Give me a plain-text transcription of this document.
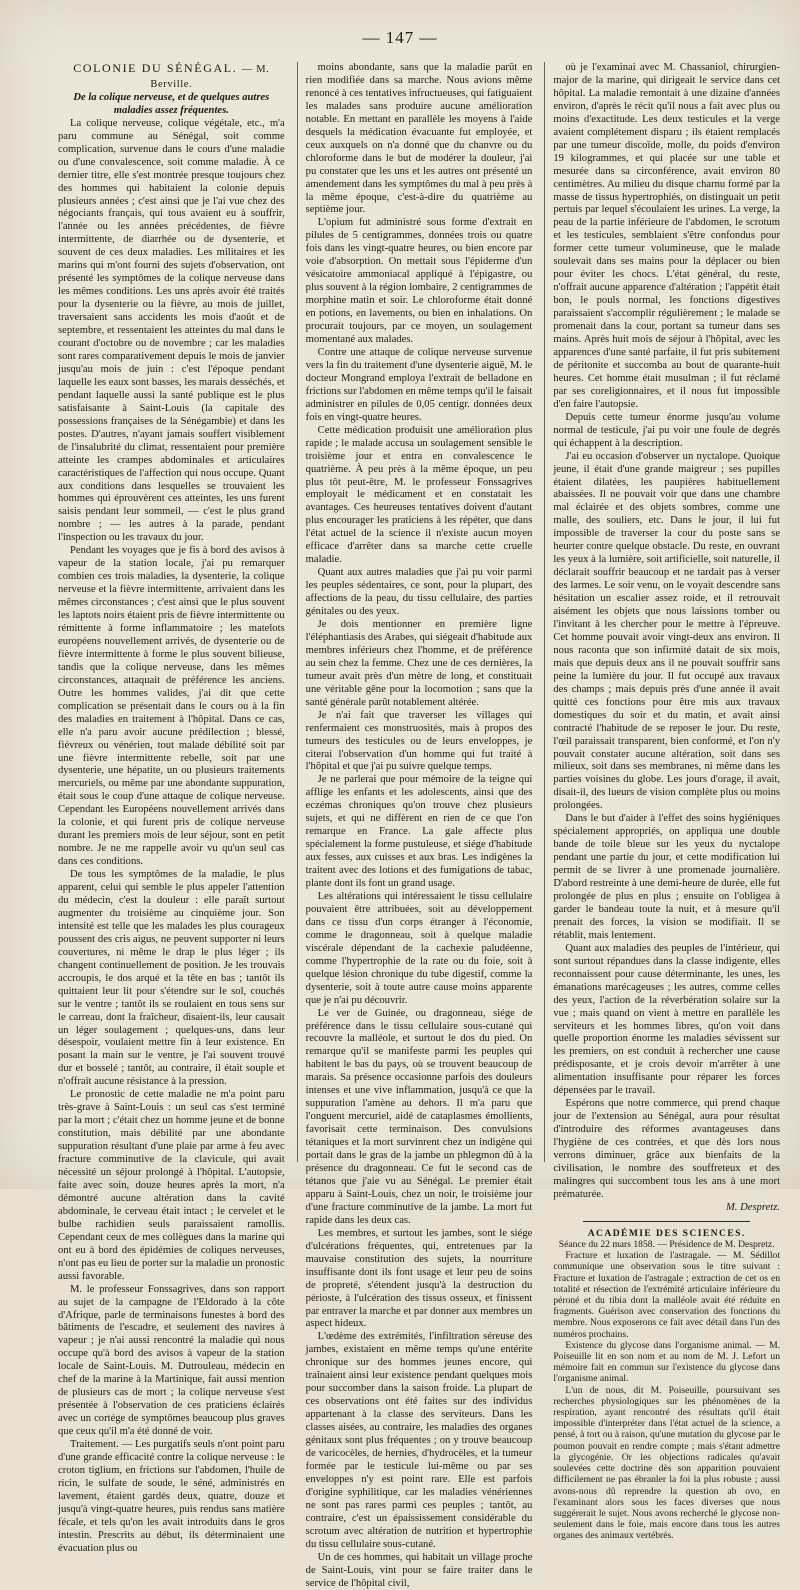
— 147 —

COLONIE DU SÉNÉGAL. — M. Berville.

De la colique nerveuse, et de quelques autres maladies assez fréquentes.

La colique nerveuse, colique végétale, etc., m'a paru commune au Sénégal, soit comme complication, survenue dans le cours d'une maladie ou d'une convalescence, soit comme maladie. À ce dernier titre, elle s'est montrée presque toujours chez des hommes qui habitaient la colonie depuis plusieurs années ; c'est ainsi que je l'ai vue chez des négociants français, qui tous avaient eu à souffrir, l'année ou les années précédentes, de fièvre intermittente, de diarrhée ou de dysenterie, et souvent de ces deux maladies. Les militaires et les marins qui m'ont fourni des sujets d'observation, ont présenté les symptômes de la colique nerveuse dans les mêmes conditions. Les uns après avoir été traités pour la dysenterie ou la fièvre, au mois de juillet, traversaient sans accidents les mois d'août et de septembre, et ressentaient les atteintes du mal dans le courant d'octobre ou de novembre ; car les maladies sont rares comparativement depuis le mois de janvier jusqu'au mois de juin : c'est l'époque pendant laquelle les eaux sont basses, les marais desséchés, et pendant laquelle aussi la santé publique est le plus satisfaisante à Saint-Louis (la capitale des possessions françaises de la Sénégambie) et dans les postes. D'autres, n'ayant jamais souffert visiblement de l'insalubrité du climat, ressentaient pour première atteinte les crampes abdominales et articulaires caractéristiques de l'affection qui nous occupe. Quant aux conditions dans lesquelles se trouvaient les hommes qui éprouvèrent ces atteintes, les uns furent saisis pendant leur sommeil, — c'est le plus grand nombre ; — les autres à la parade, pendant l'inspection ou les travaux du jour.

Pendant les voyages que je fis à bord des avisos à vapeur de la station locale, j'ai pu remarquer combien ces trois maladies, la dysenterie, la colique nerveuse et la fièvre intermittente, arrivaient dans les mêmes circonstances ; c'est ainsi que le plus souvent les laptots noirs étaient pris de fièvre intermittente ou rémittente à forme inflammatoire ; les matelots européens nouvellement arrivés, de dysenterie ou de fièvre intermittente à forme le plus souvent bilieuse, tandis que la colique nerveuse, dans les mêmes circonstances, attaquait de préférence les anciens. Outre les hommes valides, j'ai dit que cette complication se présentait dans le cours ou à la fin des maladies en traitement à l'hôpital. Dans ce cas, elle n'a paru avoir aucune prédilection ; blessé, fiévreux ou vénérien, tout malade débilité soit par une fièvre intermittente rebelle, soit par une dysenterie, une hépatite, un ou plusieurs traitements mercuriels, ou même par une abondante suppuration, était sous le coup d'une attaque de colique nerveuse. Cependant les Européens nouvellement arrivés dans la colonie, et qui furent pris de colique nerveuse durant les premiers mois de leur séjour, sont en petit nombre. Je ne me rappelle avoir vu qu'un seul cas dans ces conditions.

De tous les symptômes de la maladie, le plus apparent, celui qui semble le plus appeler l'attention du médecin, c'est la douleur : elle paraît surtout augmenter du troisième au cinquième jour. Son intensité est telle que les malades les plus courageux poussent des cris aigus, ne peuvent supporter ni leurs couvertures, ni même le drap le plus léger ; ils changent continuellement de position. Je les trouvais accroupis, le dos arqué et la tête en bas ; tantôt ils quittaient leur lit pour s'étendre sur le sol, couchés sur le ventre ; tantôt ils se roulaient en tous sens sur le carreau, dont la fraîcheur, disaient-ils, leur causait un léger soulagement ; quelques-uns, dans leur désespoir, voulaient mettre fin à leur existence. En posant la main sur le ventre, je l'ai souvent trouvé dur et bosselé ; tantôt, au contraire, il était souple et n'offrait aucune résistance à la pression.

Le pronostic de cette maladie ne m'a point paru très-grave à Saint-Louis : un seul cas s'est terminé par la mort ; c'était chez un homme jeune et de bonne constitution, mais débilité par une abondante suppuration résultant d'une plaie par arme à feu avec fracture comminutive de la clavicule, qui avait nécessité un séjour prolongé à l'hôpital. L'autopsie, faite avec soin, douze heures après la mort, n'a démontré aucune altération dans la cavité abdominale, le cerveau était intact ; le cervelet et le bulbe rachidien seuls paraissaient ramollis. Cependant ceux de mes collègues dans la marine qui ont eu à bord des épidémies de coliques nerveuses, n'ont pas eu lieu de porter sur la maladie un pronostic aussi favorable.

M. le professeur Fonssagrives, dans son rapport au sujet de la campagne de l'Eldorado à la côte d'Afrique, parle de terminaisons funestes à bord des bâtiments de l'escadre, et seulement des navires à vapeur ; je n'ai aussi rencontré la maladie qui nous occupe qu'à bord des avisos à vapeur de la station locale de Saint-Louis. M. Dutrouleau, médecin en chef de la marine à la Martinique, fait aussi mention de plusieurs cas de mort ; la colique nerveuse s'est présentée à l'observation de ces praticiens éclairés avec un cortége de symptômes beaucoup plus graves que ceux qu'il m'a été donné de voir.

Traitement. — Les purgatifs seuls n'ont point paru d'une grande efficacité contre la colique nerveuse : le croton tiglium, en frictions sur l'abdomen, l'huile de ricin, le sulfate de soude, le séné, administrés en lavement, étaient gardés deux, quatre, douze et jusqu'à vingt-quatre heures, puis rendus sans matière fécale, et tels qu'on les avait introduits dans le gros intestin. Prescrits au début, ils déterminaient une évacuation plus ou

moins abondante, sans que la maladie parût en rien modifiée dans sa marche. Nous avions même renoncé à ces tentatives infructueuses, qui fatiguaient les malades sans produire aucune amélioration notable. En mettant en parallèle les moyens à l'aide desquels la médication évacuante fut employée, et ceux auxquels on n'a donné que du chanvre ou du chloroforme dans le but de modérer la douleur, j'ai pu constater que les uns et les autres ont présenté un amendement dans les symptômes du mal à peu près à la même époque, c'est-à-dire du quatrième au septième jour.

L'opium fut administré sous forme d'extrait en pilules de 5 centigrammes, données trois ou quatre fois dans les vingt-quatre heures, ou bien encore par voie d'absorption. On mettait sous l'épiderme d'un vésicatoire ammoniacal appliqué à l'épigastre, ou plus souvent à la région lombaire, 2 centigrammes de morphine matin et soir. Le chloroforme était donné en potions, en lavements, ou bien en inhalations. On procurait toujours, par ce moyen, un soulagement momentané aux malades.

Contre une attaque de colique nerveuse survenue vers la fin du traitement d'une dysenterie aiguë, M. le docteur Mongrand employa l'extrait de belladone en frictions sur l'abdomen en même temps qu'il le faisait administrer en pilules de 0,05 centigr. données deux fois en vingt-quatre heures.

Cette médication produisit une amélioration plus rapide ; le malade accusa un soulagement sensible le troisième jour et entra en convalescence le quatrième. À peu près à la même époque, un peu plus tôt peut-être, M. le professeur Fonssagrives employait le médicament et en constatait les avantages. Ces heureuses tentatives doivent d'autant plus encourager les praticiens à les répéter, que dans l'état actuel de la science il n'existe aucun moyen efficace d'arrêter dans sa marche cette cruelle maladie.

Quant aux autres maladies que j'ai pu voir parmi les peuples sédentaires, ce sont, pour la plupart, des affections de la peau, du tissu cellulaire, des parties génitales ou des yeux.

Je dois mentionner en première ligne l'éléphantiasis des Arabes, qui siégeait d'habitude aux membres inférieurs chez l'homme, et de préférence au sein chez la femme. Chez une de ces dernières, la tumeur avait près d'un mètre de long, et constituait une véritable gêne pour la locomotion ; sans que la santé générale parût notablement altérée.

Je n'ai fait que traverser les villages qui renfermaient ces monstruosités, mais à propos des tumeurs des testicules ou de leurs enveloppes, je citerai l'observation d'un homme qui fut traité à l'hôpital et que j'ai pu suivre quelque temps.

Je ne parlerai que pour mémoire de la teigne qui afflige les enfants et les adolescents, ainsi que des eczémas chroniques qu'on trouve chez plusieurs sujets, et qui ne diffèrent en rien de ce que l'on remarque en France. La gale affecte plus spécialement la forme pustuleuse, et siége d'habitude aux fesses, aux cuisses et aux bras. Les indigènes la traitent avec des lotions et des fumigations de tabac, plante dont ils font un grand usage.

Les altérations qui intéressaient le tissu cellulaire pouvaient être attribuées, soit au développement dans ce tissu d'un corps étranger à l'économie, comme le dragonneau, soit à quelque maladie viscérale dépendant de la cachexie paludéenne, comme l'hypertrophie de la rate ou du foie, soit à quelque lésion chronique du tube digestif, comme la dysenterie, soit à toute autre cause moins apparente que je n'ai pu découvrir.

Le ver de Guinée, ou dragonneau, siége de préférence dans le tissu cellulaire sous-cutané qui recouvre la malléole, et surtout le dos du pied. On remarque qu'il se manifeste parmi les peuples qui habitent le bas du pays, où se trouvent beaucoup de marais. Sa présence occasionne parfois des douleurs intenses et une vive inflammation, jusqu'à ce que la suppuration l'amène au dehors. Il m'a paru que l'onguent mercuriel, aidé de cataplasmes émollients, favorisait cette terminaison. Des convulsions tétaniques et la mort survinrent chez un indigène qui portait dans le gras de la jambe un phlegmon dû à la présence du dragonneau. Ce fut le second cas de tétanos que j'aie vu au Sénégal. Le premier était apparu à Saint-Louis, chez un noir, le troisième jour d'une fracture comminutive de la jambe. La mort fut rapide dans les deux cas.

Les membres, et surtout les jambes, sont le siége d'ulcérations fréquentes, qui, entretenues par la mauvaise constitution des sujets, la nourriture insuffisante dont ils font usage et leur peu de soins de propreté, s'étendent jusqu'à la destruction du périoste, à l'ulcération des tissus osseux, et finissent par entraver la marche et par donner aux membres un aspect hideux.

L'œdème des extrémités, l'infiltration séreuse des jambes, existaient en même temps qu'une entérite chronique sur des hommes jeunes encore, qui traînaient ainsi leur existence pendant quelques mois pour succomber dans la saison froide. La plupart de ces observations ont été faites sur des individus appartenant à la classe des serviteurs. Dans les classes aisées, au contraire, les maladies des organes génitaux sont plus fréquentes ; on y trouve beaucoup de varicocèles, de hernies, d'hydrocèles, et la tumeur formée par le testicule lui-même ou par ses enveloppes n'y est point rare. Elle est parfois d'origine syphilitique, car les maladies vénériennes ne sont pas rares parmi ces peuples ; tantôt, au contraire, c'est un épaississement considérable du scrotum avec altération de nutrition et hypertrophie du tissu cellulaire sous-cutané.

Un de ces hommes, qui habitait un village proche de Saint-Louis, vint pour se faire traiter dans le service de l'hôpital civil,

où je l'examinai avec M. Chassaniol, chirurgien-major de la marine, qui dirigeait le service dans cet hôpital. La maladie remontait à une dizaine d'années environ, d'après le récit qu'il nous a fait avec plus ou moins d'exactitude. Les deux testicules et la verge avaient complétement disparu ; ils étaient remplacés par une tumeur discoïde, molle, du poids d'environ 19 kilogrammes, et qui placée sur une table et mesurée dans sa circonférence, avait environ 80 centimètres. Au milieu du disque charnu formé par la masse de tissus hypertrophiés, on distinguait un petit pertuis par lequel s'écoulaient les urines. La verge, la peau de la partie inférieure de l'abdomen, le scrotum et les testicules, semblaient s'être confondus pour former cette tumeur volumineuse, que le malade soulevait dans ses mains pour la déplacer ou bien pour éviter les chocs. L'état général, du reste, n'offrait aucune apparence d'altération ; l'appétit était bon, le pouls normal, les fonctions digestives paraissaient s'accomplir régulièrement ; le malade se promenait dans la cour, portant sa tumeur dans ses mains. Après huit mois de séjour à l'hôpital, avec les apparences d'une santé parfaite, il fut pris subitement de péritonite et succomba au bout de quarante-huit heures. Cet homme était musulman ; il fut réclamé par ses coreligionnaires, et il nous fut impossible d'en faire l'autopsie.

Depuis cette tumeur énorme jusqu'au volume normal de testicule, j'ai pu voir une foule de degrés qui échappent à la description.

J'ai eu occasion d'observer un nyctalope. Quoique jeune, il était d'une grande maigreur ; ses pupilles étaient dilatées, les paupières habituellement abaissées. Il ne pouvait voir que dans une chambre mal éclairée et des objets sombres, comme une malle, des souliers, etc. Dans le jour, il lui fut impossible de traverser la cour du poste sans se heurter contre quelque obstacle. Du reste, en ouvrant les yeux à la lumière, soit artificielle, soit naturelle, il déclarait souffrir beaucoup et ne tardait pas à verser des larmes. Le soir venu, on le voyait descendre sans hésitation un escalier assez roide, et il retrouvait aisément les objets que nous laissions tomber ou l'invitant à les chercher pour le mettre à l'épreuve. Cet homme pouvait avoir vingt-deux ans environ. Il nous raconta que son infirmité datait de six mois, mais que depuis deux ans il ne pouvait souffrir sans peine la lumière du jour. Il fut occupé aux travaux des champs ; mais depuis près d'une année il avait quitté ces fonctions pour être mis aux travaux domestiques du soir et du matin, et avait ainsi contracté l'habitude de se reposer le jour. Du reste, l'œil paraissait transparent, bien conformé, et l'on n'y pouvait constater aucune altération, soit dans ses milieux, soit dans ses membranes, ni même dans les parties voisines du globe. Les jours d'orage, il avait, disait-il, des lueurs de vision complète plus ou moins prolongées.

Dans le but d'aider à l'effet des soins hygiéniques spécialement appropriés, on appliqua une double bande de toile bleue sur les yeux du nyctalope pendant une partie du jour, et cette modification lui permit de se livrer à une promenade journalière. D'abord restreinte à une demi-heure de durée, elle fut prolongée de plus en plus ; ensuite on l'obligea à garder le bandeau toute la nuit, et à mesure qu'il prenait des forces, la vision se modifiait. Il se rétablit, mais lentement.

Quant aux maladies des peuples de l'intérieur, qui sont surtout répandues dans la classe indigente, elles reconnaissent pour cause déterminante, les unes, les émanations marécageuses ; les autres, comme celles des yeux, l'action de la réverbération solaire sur la vue ; mais quand on vient à mettre en parallèle les serviteurs et les hommes libres, qu'on voit dans quelle proportion énorme les maladies sévissent sur les premiers, on est conduit à rechercher une cause prédisposante, et je crois devoir m'arrêter à une alimentation insuffisante pour réparer les forces dépensées par le travail.

Espérons que notre commerce, qui prend chaque jour de l'extension au Sénégal, aura pour résultat d'introduire des réformes avantageuses dans l'hygiène de ces contrées, et que dès lors nous verrons diminuer, grâce aux bienfaits de la civilisation, le nombre des souffreteux et des malingres qui succombent tous les ans à une mort prématurée.

M. Despretz.

ACADÉMIE DES SCIENCES.

Séance du 22 mars 1858. — Présidence de M. Despretz.

Fracture et luxation de l'astragale. — M. Sédillot communique une observation sous le titre suivant : Fracture et luxation de l'astragale ; extraction de cet os en totalité et résection de l'extrémité articulaire inférieure du péroné et du tibia dont la malléole avait été réduite en fragments. Guérison avec conservation des fonctions du membre. Nous exposerons ce fait avec détail dans l'un des numéros prochains.

Existence du glycose dans l'organisme animal. — M. Poiseuille lit en son nom et au nom de M. J. Lefort un mémoire fait en commun sur l'existence du glycose dans l'organisme animal.

L'un de nous, dit M. Poiseuille, poursuivant ses recherches physiologiques sur les phénomènes de la respiration, ayant rencontré des résultats qu'il était impossible d'interpréter dans l'état actuel de la science, a pensé, à tort ou à raison, qu'une mutation du glycose par le poumon pouvait en rendre compte ; mais s'étant admettre la glycogénie. Or les objections radicales qu'avait soulevées cette doctrine dès son apparition pouvaient difficilement ne pas ébranler la foi la plus robuste ; aussi avons-nous dû reprendre la question ab ovo, en l'examinant alors sous les faces diverses que nous suggérerait le sujet. Nous avons recherché le glycose non-seulement dans le foie, mais encore dans tous les autres organes des animaux vertébrés.
